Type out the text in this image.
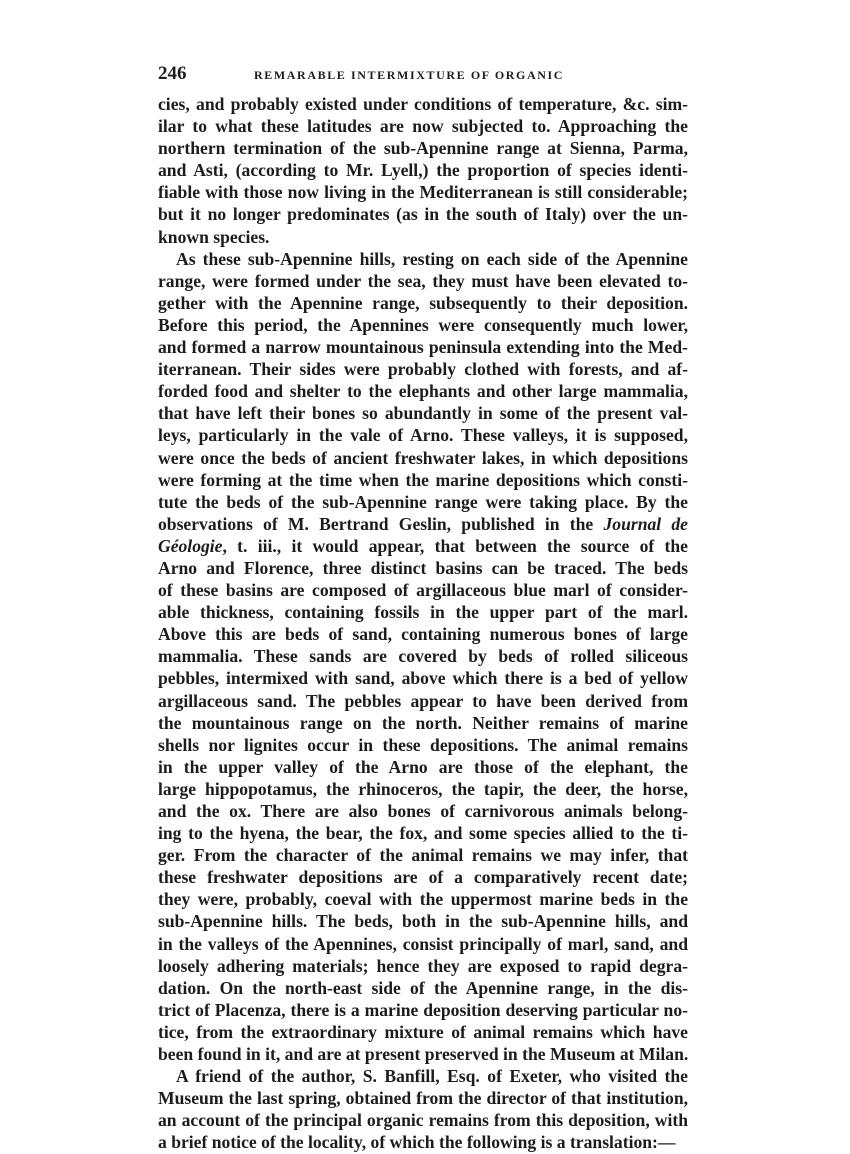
246	REMARABLE INTERMIXTURE OF ORGANIC

cies, and probably existed under conditions of temperature, &c. sim-
ilar to what these latitudes are now subjected to. Approaching the
northern termination of the sub-Apennine range at Sienna, Parma,
and Asti, (according to Mr. Lyell,) the proportion of species identi-
fiable with those now living in the Mediterranean is still considerable;
but it no longer predominates (as in the south of Italy) over the un-
known species.

As these sub-Apennine hills, resting on each side of the Apennine
range, were formed under the sea, they must have been elevated to-
gether with the Apennine range, subsequently to their deposition.
Before this period, the Apennines were consequently much lower,
and formed a narrow mountainous peninsula extending into the Med-
iterranean. Their sides were probably clothed with forests, and af-
forded food and shelter to the elephants and other large mammalia,
that have left their bones so abundantly in some of the present val-
leys, particularly in the vale of Arno. These valleys, it is supposed,
were once the beds of ancient freshwater lakes, in which depositions
were forming at the time when the marine depositions which consti-
tute the beds of the sub-Apennine range were taking place. By the
observations of M. Bertrand Geslin, published in the Journal de
Géologie, t. iii., it would appear, that between the source of the
Arno and Florence, three distinct basins can be traced. The beds
of these basins are composed of argillaceous blue marl of consider-
able thickness, containing fossils in the upper part of the marl.
Above this are beds of sand, containing numerous bones of large
mammalia. These sands are covered by beds of rolled siliceous
pebbles, intermixed with sand, above which there is a bed of yellow
argillaceous sand. The pebbles appear to have been derived from
the mountainous range on the north. Neither remains of marine
shells nor lignites occur in these depositions. The animal remains
in the upper valley of the Arno are those of the elephant, the
large hippopotamus, the rhinoceros, the tapir, the deer, the horse,
and the ox. There are also bones of carnivorous animals belong-
ing to the hyena, the bear, the fox, and some species allied to the ti-
ger. From the character of the animal remains we may infer, that
these freshwater depositions are of a comparatively recent date;
they were, probably, coeval with the uppermost marine beds in the
sub-Apennine hills. The beds, both in the sub-Apennine hills, and
in the valleys of the Apennines, consist principally of marl, sand, and
loosely adhering materials; hence they are exposed to rapid degra-
dation. On the north-east side of the Apennine range, in the dis-
trict of Placenza, there is a marine deposition deserving particular no-
tice, from the extraordinary mixture of animal remains which have
been found in it, and are at present preserved in the Museum at Milan.

A friend of the author, S. Banfill, Esq. of Exeter, who visited the
Museum the last spring, obtained from the director of that institution,
an account of the principal organic remains from this deposition, with
a brief notice of the locality, of which the following is a translation:—
